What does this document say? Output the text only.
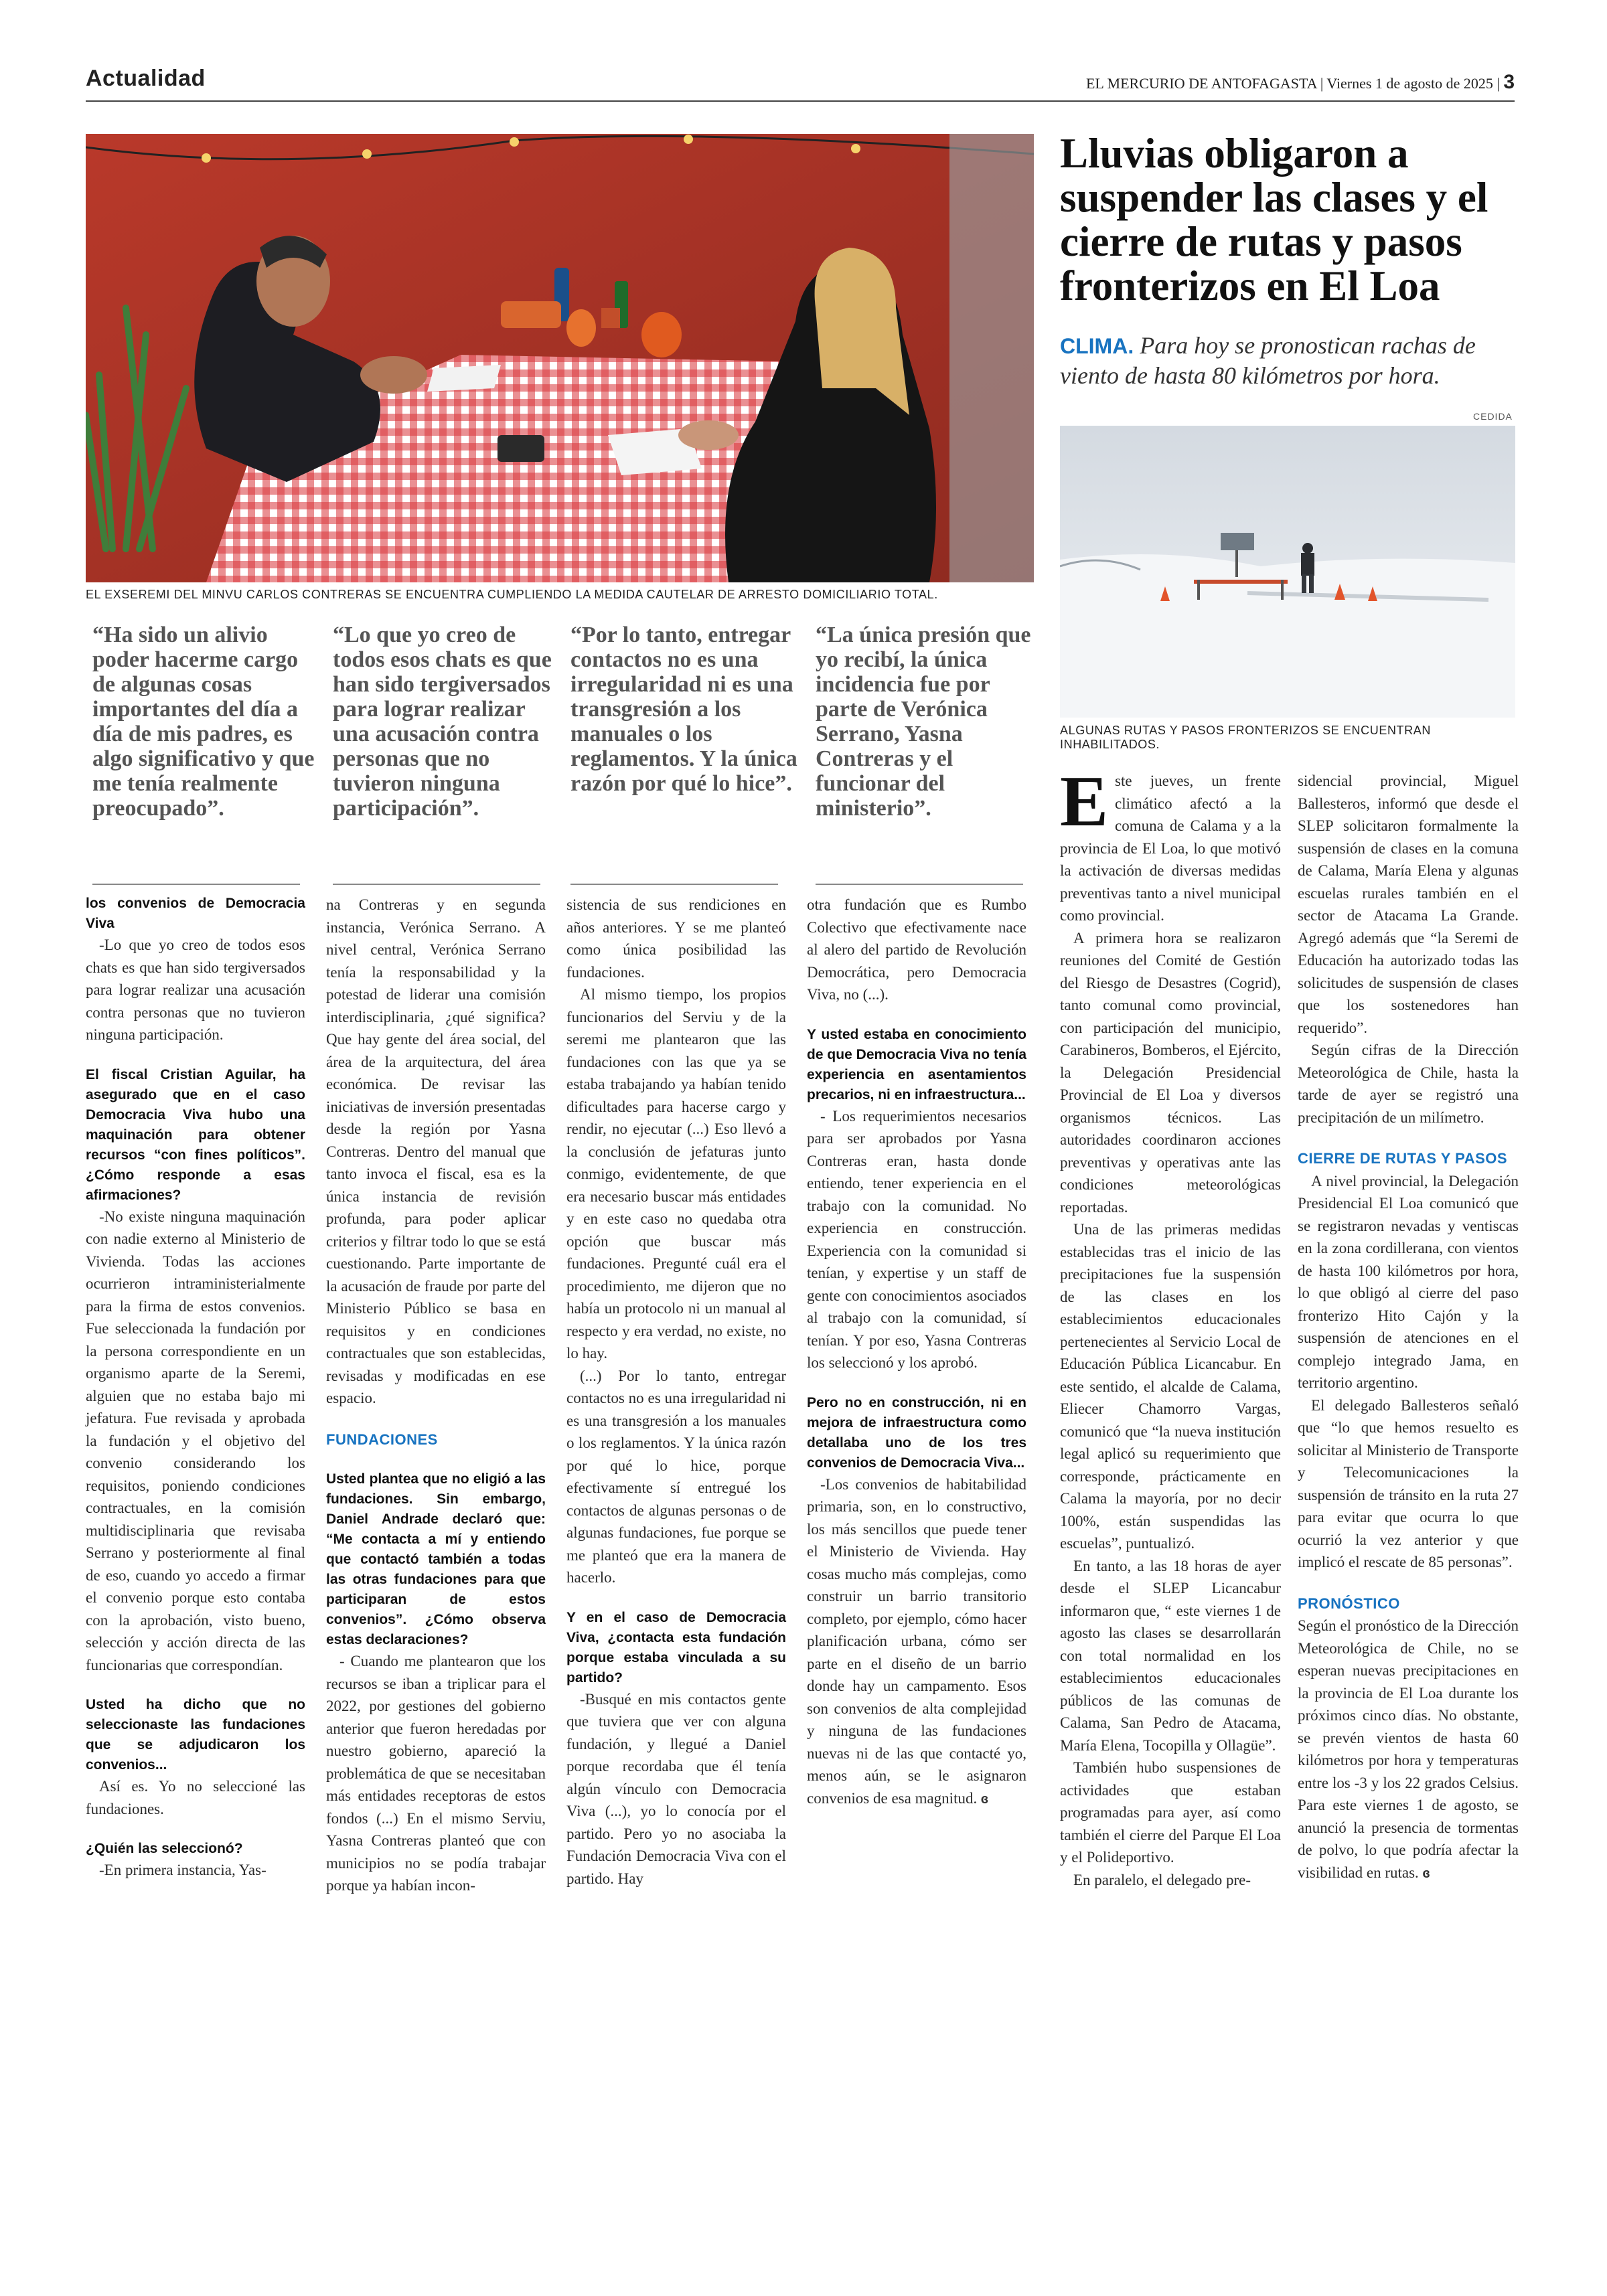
Actualidad	EL MERCURIO DE ANTOFAGASTA | Viernes 1 de agosto de 2025 | 3
EL EXSEREMI DEL MINVU CARLOS CONTRERAS SE ENCUENTRA CUMPLIENDO LA MEDIDA CAUTELAR DE ARRESTO DOMICILIARIO TOTAL.
“Ha sido un alivio poder hacerme cargo de algunas cosas importantes del día a día de mis padres, es algo significativo y que me tenía realmente preocupado”.
“Lo que yo creo de todos esos chats es que han sido tergiversados para lograr realizar una acusación contra personas que no tuvieron ninguna participación”.
“Por lo tanto, entregar contactos no es una irregularidad ni es una transgresión a los manuales o los reglamentos. Y la única razón por qué lo hice”.
“La única presión que yo recibí, la única incidencia fue por parte de Verónica Serrano, Yasna Contreras y el funcionar del ministerio”.

los convenios de Democracia Viva

-Lo que yo creo de todos esos chats es que han sido tergiversados para lograr realizar una acusación contra personas que no tuvieron ninguna participación.

El fiscal Cristian Aguilar, ha asegurado que en el caso Democracia Viva hubo una maquinación para obtener recursos “con fines políticos”. ¿Cómo responde a esas afirmaciones?

-No existe ninguna maquinación con nadie externo al Ministerio de Vivienda. Todas las acciones ocurrieron intraministerialmente para la firma de estos convenios. Fue seleccionada la fundación por la persona correspondiente en un organismo aparte de la Seremi, alguien que no estaba bajo mi jefatura. Fue revisada y aprobada la fundación y el objetivo del convenio considerando los requisitos, poniendo condiciones contractuales, en la comisión multidisciplinaria que revisaba Serrano y posteriormente al final de eso, cuando yo accedo a firmar el convenio porque esto contaba con la aprobación, visto bueno, selección y acción directa de las funcionarias que correspondían.

Usted ha dicho que no seleccionaste las fundaciones que se adjudicaron los convenios...

Así es. Yo no seleccioné las fundaciones.

¿Quién las seleccionó?

-En primera instancia, Yas-

na Contreras y en segunda instancia, Verónica Serrano. A nivel central, Verónica Serrano tenía la responsabilidad y la potestad de liderar una comisión interdisciplinaria, ¿qué significa? Que hay gente del área social, del área de la arquitectura, del área económica. De revisar las iniciativas de inversión presentadas desde la región por Yasna Contreras. Dentro del manual que tanto invoca el fiscal, esa es la única instancia de revisión profunda, para poder aplicar criterios y filtrar todo lo que se está cuestionando. Parte importante de la acusación de fraude por parte del Ministerio Público se basa en requisitos y en condiciones contractuales que son establecidas, revisadas y modificadas en ese espacio.

FUNDACIONES

Usted plantea que no eligió a las fundaciones. Sin embargo, Daniel Andrade declaró que: “Me contacta a mí y entiendo que contactó también a todas las otras fundaciones para que participaran de estos convenios”. ¿Cómo observa estas declaraciones?

- Cuando me plantearon que los recursos se iban a triplicar para el 2022, por gestiones del gobierno anterior que fueron heredadas por nuestro gobierno, apareció la problemática de que se necesitaban más entidades receptoras de estos fondos (...) En el mismo Serviu, Yasna Contreras planteó que con municipios no se podía trabajar porque ya habían incon-

sistencia de sus rendiciones en años anteriores. Y se me planteó como única posibilidad las fundaciones.

Al mismo tiempo, los propios funcionarios del Serviu y de la seremi me plantearon que las fundaciones con las que ya se estaba trabajando ya habían tenido dificultades para hacerse cargo y rendir, no ejecutar (...) Eso llevó a la conclusión de jefaturas junto conmigo, evidentemente, de que era necesario buscar más entidades y en este caso no quedaba otra opción que buscar más fundaciones. Pregunté cuál era el procedimiento, me dijeron que no había un protocolo ni un manual al respecto y era verdad, no existe, no lo hay.

(...) Por lo tanto, entregar contactos no es una irregularidad ni es una transgresión a los manuales o los reglamentos. Y la única razón por qué lo hice, porque efectivamente sí entregué los contactos de algunas personas o de algunas fundaciones, fue porque se me planteó que era la manera de hacerlo.

Y en el caso de Democracia Viva, ¿contacta esta fundación porque estaba vinculada a su partido?

-Busqué en mis contactos gente que tuviera que ver con alguna fundación, y llegué a Daniel porque recordaba que él tenía algún vínculo con Democracia Viva (...), yo lo conocía por el partido. Pero yo no asociaba la Fundación Democracia Viva con el partido. Hay

otra fundación que es Rumbo Colectivo que efectivamente nace al alero del partido de Revolución Democrática, pero Democracia Viva, no (...).

Y usted estaba en conocimiento de que Democracia Viva no tenía experiencia en asentamientos precarios, ni en infraestructura...

- Los requerimientos necesarios para ser aprobados por Yasna Contreras eran, hasta donde entiendo, tener experiencia en el trabajo con la comunidad. No experiencia en construcción. Experiencia con la comunidad si tenían, y expertise y un staff de gente con conocimientos asociados al trabajo con la comunidad, sí tenían. Y por eso, Yasna Contreras los seleccionó y los aprobó.

Pero no en construcción, ni en mejora de infraestructura como detallaba uno de los tres convenios de Democracia Viva...

-Los convenios de habitabilidad primaria, son, en lo constructivo, los más sencillos que puede tener el Ministerio de Vivienda. Hay cosas mucho más complejas, como construir un barrio transitorio completo, por ejemplo, cómo hacer planificación urbana, cómo ser parte en el diseño de un barrio donde hay un campamento. Esos son convenios de alta complejidad y ninguna de las fundaciones nuevas ni de las que contacté yo, menos aún, se le asignaron convenios de esa magnitud. ɞ

Lluvias obligaron a suspender las clases y el cierre de rutas y pasos fronterizos en El Loa
CLIMA. Para hoy se pronostican rachas de viento de hasta 80 kilómetros por hora.
CEDIDA
ALGUNAS RUTAS Y PASOS FRONTERIZOS SE ENCUENTRAN INHABILITADOS.

Este jueves, un frente climático afectó a la comuna de Calama y a la provincia de El Loa, lo que motivó la activación de diversas medidas preventivas tanto a nivel municipal como provincial.

A primera hora se realizaron reuniones del Comité de Gestión del Riesgo de Desastres (Cogrid), tanto comunal como provincial, con participación del municipio, Carabineros, Bomberos, el Ejército, la Delegación Presidencial Provincial de El Loa y diversos organismos técnicos. Las autoridades coordinaron acciones preventivas y operativas ante las condiciones meteorológicas reportadas.

Una de las primeras medidas establecidas tras el inicio de las precipitaciones fue la suspensión de las clases en los establecimientos educacionales pertenecientes al Servicio Local de Educación Pública Licancabur. En este sentido, el alcalde de Calama, Eliecer Chamorro Vargas, comunicó que “la nueva institución legal aplicó su requerimiento que corresponde, prácticamente en Calama la mayoría, por no decir 100%, están suspendidas las escuelas”, puntualizó.

En tanto, a las 18 horas de ayer desde el SLEP Licancabur informaron que, “ este viernes 1 de agosto las clases se desarrollarán con total normalidad en los establecimientos educacionales públicos de las comunas de Calama, San Pedro de Atacama, María Elena, Tocopilla y Ollagüe”.

También hubo suspensiones de actividades que estaban programadas para ayer, así como también el cierre del Parque El Loa y el Polideportivo.

En paralelo, el delegado pre-

sidencial provincial, Miguel Ballesteros, informó que desde el SLEP solicitaron formalmente la suspensión de clases en la comuna de Calama, María Elena y algunas escuelas rurales también en el sector de Atacama La Grande. Agregó además que “la Seremi de Educación ha autorizado todas las solicitudes de suspensión de clases que los sostenedores han requerido”.

Según cifras de la Dirección Meteorológica de Chile, hasta la tarde de ayer se registró una precipitación de un milímetro.

CIERRE DE RUTAS Y PASOS

A nivel provincial, la Delegación Presidencial El Loa comunicó que se registraron nevadas y ventiscas en la zona cordillerana, con vientos de hasta 100 kilómetros por hora, lo que obligó al cierre del paso fronterizo Hito Cajón y la suspensión de atenciones en el complejo integrado Jama, en territorio argentino.

El delegado Ballesteros señaló que “lo que hemos resuelto es solicitar al Ministerio de Transporte y Telecomunicaciones la suspensión de tránsito en la ruta 27 para evitar que ocurra lo que ocurrió la vez anterior y que implicó el rescate de 85 personas”.

PRONÓSTICO

Según el pronóstico de la Dirección Meteorológica de Chile, no se esperan nuevas precipitaciones en la provincia de El Loa durante los próximos cinco días. No obstante, se prevén vientos de hasta 60 kilómetros por hora y temperaturas entre los -3 y los 22 grados Celsius. Para este viernes 1 de agosto, se anunció la presencia de tormentas de polvo, lo que podría afectar la visibilidad en rutas. ɞ
